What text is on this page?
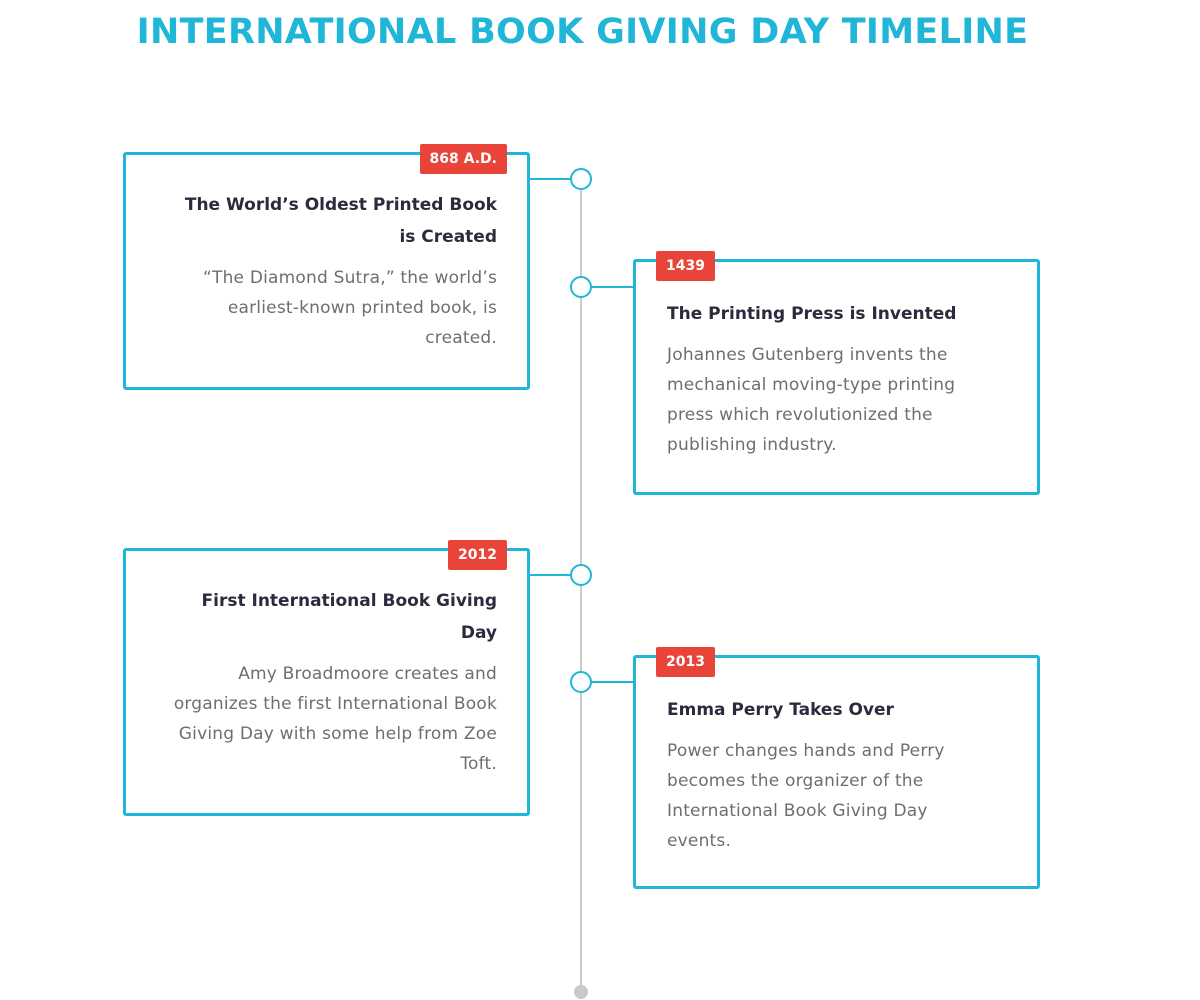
INTERNATIONAL BOOK GIVING DAY TIMELINE
868 A.D.
The World’s Oldest Printed Book is Created
“The Diamond Sutra,” the world’s earliest-known printed book, is created.
1439
The Printing Press is Invented
Johannes Gutenberg invents the mechanical moving-type printing press which revolutionized the publishing industry.
2012
First International Book Giving Day
Amy Broadmoore creates and organizes the first International Book Giving Day with some help from Zoe Toft.
2013
Emma Perry Takes Over
Power changes hands and Perry becomes the organizer of the International Book Giving Day events.
